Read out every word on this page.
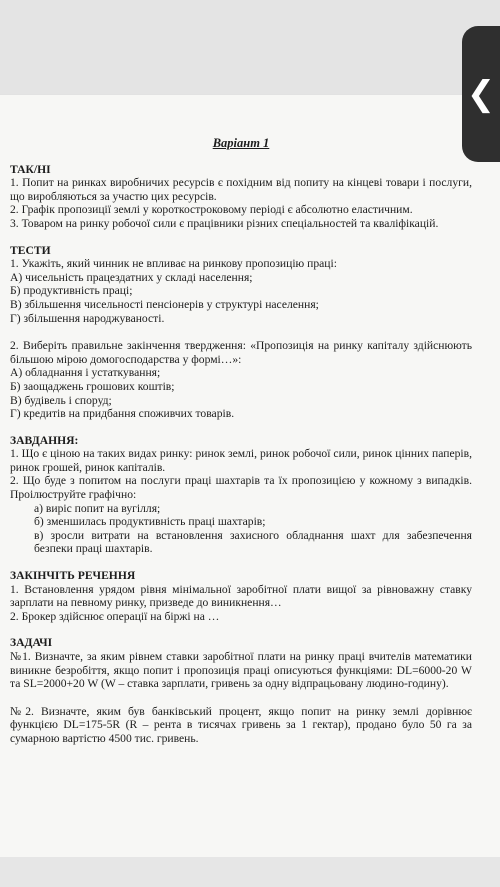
❮
Варіант 1
ТАК/НІ
1. Попит на ринках виробничих ресурсів є похідним від попиту на кінцеві товари і послуги, що виробляються за участю цих ресурсів.
2. Графік пропозиції землі у короткостроковому періоді є абсолютно еластичним.
3. Товаром на ринку робочої сили є працівники різних спеціальностей та кваліфікацій.
ТЕСТИ
1. Укажіть, який чинник не впливає на ринкову пропозицію праці:
А) чисельність працездатних у складі населення;
Б) продуктивність праці;
В) збільшення чисельності пенсіонерів у структурі населення;
Г) збільшення народжуваності.
2. Виберіть правильне закінчення твердження: «Пропозиція на ринку капіталу здійснюють більшою мірою домогосподарства у формі…»:
А) обладнання і устаткування;
Б) заощаджень грошових коштів;
В) будівель і споруд;
Г) кредитів на придбання споживчих товарів.
ЗАВДАННЯ:
1. Що є ціною на таких видах ринку: ринок землі, ринок робочої сили, ринок цінних паперів, ринок грошей, ринок капіталів.
2. Що буде з попитом на послуги праці шахтарів та їх пропозицією у кожному з випадків. Проілюструйте графічно:
а) виріс попит на вугілля;
б) зменшилась продуктивність праці шахтарів;
в) зросли витрати на встановлення захисного обладнання шахт для забезпечення безпеки праці шахтарів.
ЗАКІНЧІТЬ РЕЧЕННЯ
1. Встановлення урядом рівня мінімальної заробітної плати вищої за рівноважну ставку зарплати на певному ринку, призведе до виникнення…
2. Брокер здійснює операції на біржі на …
ЗАДАЧІ
№1. Визначте, за яким рівнем ставки заробітної плати на ринку праці вчителів математики виникне безробіття, якщо попит і пропозиція праці описуються функціями: DL=6000-20 W та SL=2000+20 W (W – ставка зарплати, гривень за одну відпрацьовану людино-годину).
№2. Визначте, яким був банківський процент, якщо попит на ринку землі дорівнює функцією DL=175-5R (R – рента в тисячах гривень за 1 гектар), продано було 50 га за сумарною вартістю 4500 тис. гривень.
